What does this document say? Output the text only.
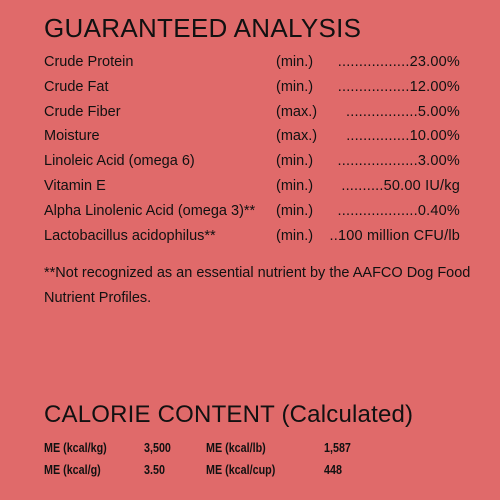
GUARANTEED ANALYSIS
Crude Protein	(min.) .................23.00%
Crude Fat	(min.) .................12.00%
Crude Fiber	(max.) .................5.00%
Moisture	(max.) ...............10.00%
Linoleic Acid (omega 6)	(min.) ...................3.00%
Vitamin E	(min.) ..........50.00 IU/kg
Alpha Linolenic Acid (omega 3)** (min.) ...................0.40%
Lactobacillus acidophilus**	(min.) ..100 million CFU/lb
**Not recognized as an essential nutrient by the AAFCO Dog Food Nutrient Profiles.
CALORIE CONTENT (Calculated)
ME (kcal/kg)	3,500	ME (kcal/lb)	1,587
ME (kcal/g)	3.50	ME (kcal/cup)	448
